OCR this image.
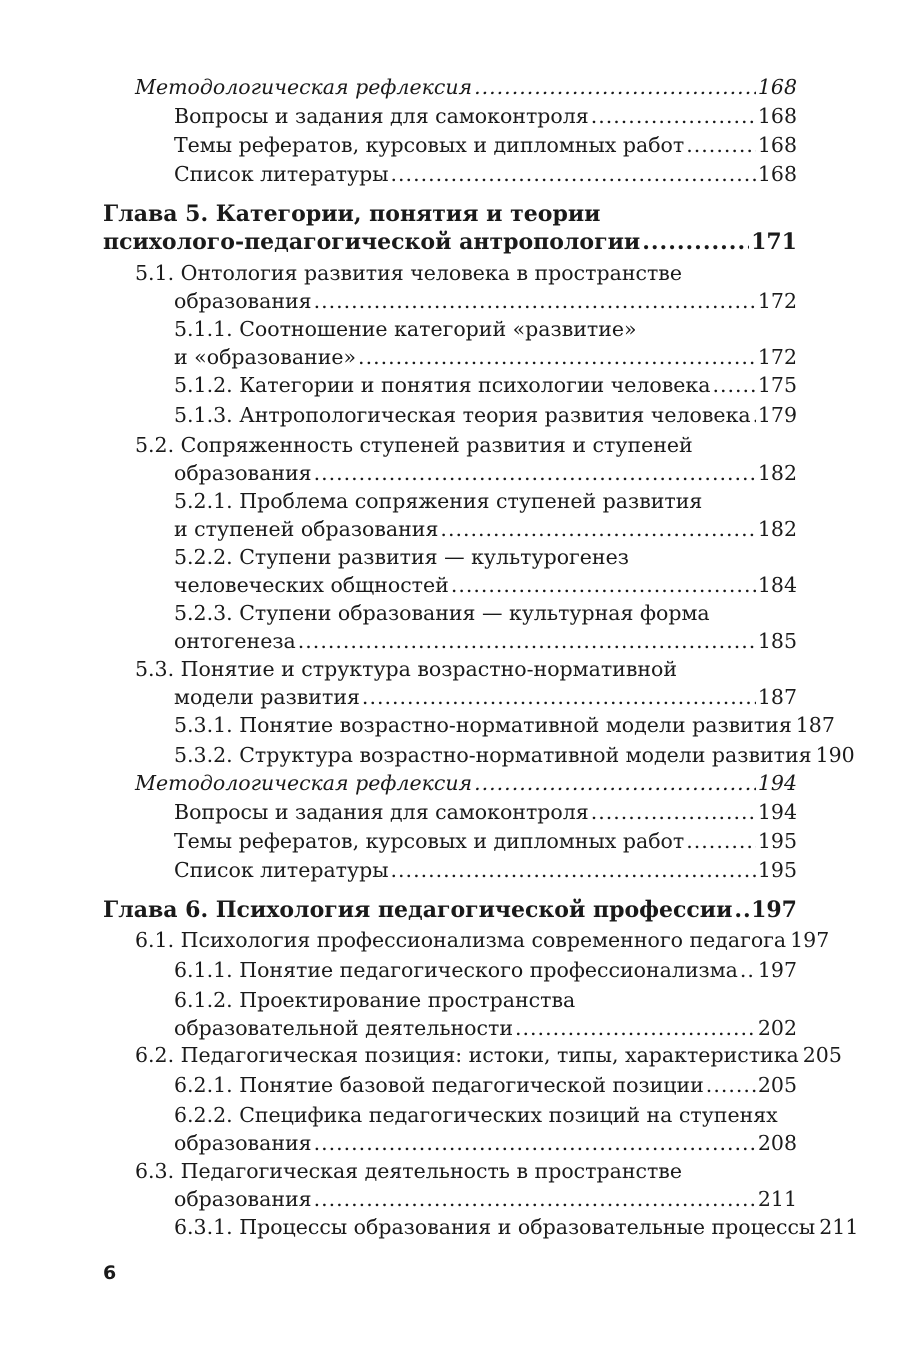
Методологическая рефлексия .....	168
Вопросы и задания для самоконтроля .....	168
Темы рефератов, курсовых и дипломных работ .....	168
Список литературы .....	168
Глава 5. Категории, понятия и теории
психолого-педагогической антропологии .....	171
5.1. Онтология развития человека в пространстве
образования .....	172
5.1.1. Соотношение категорий «развитие»
и «образование» .....	172
5.1.2. Категории и понятия психологии человека ..... 175
5.1.3. Антропологическая теория развития человека ..... 179
5.2. Сопряженность ступеней развития и ступеней
образования .....	182
5.2.1. Проблема сопряжения ступеней развития
и ступеней образования .....	182
5.2.2. Ступени развития — культурогенез
человеческих общностей .....	184
5.2.3. Ступени образования — культурная форма
онтогенеза .....	185
5.3. Понятие и структура возрастно-нормативной
модели развития .....	187
5.3.1. Понятие возрастно-нормативной модели развития 187
5.3.2. Структура возрастно-нормативной модели развития 190
Методологическая рефлексия .....	194
Вопросы и задания для самоконтроля .....	194
Темы рефератов, курсовых и дипломных работ .....	195
Список литературы .....	195
Глава 6. Психология педагогической профессии ..... 197
6.1. Психология профессионализма современного педагога 197
6.1.1. Понятие педагогического профессионализма ..... 197
6.1.2. Проектирование пространства
образовательной деятельности .....	202
6.2. Педагогическая позиция: истоки, типы, характеристика 205
6.2.1. Понятие базовой педагогической позиции .....	205
6.2.2. Специфика педагогических позиций на ступенях
образования .....	208
6.3. Педагогическая деятельность в пространстве
образования .....	211
6.3.1. Процессы образования и образовательные процессы 211
6
